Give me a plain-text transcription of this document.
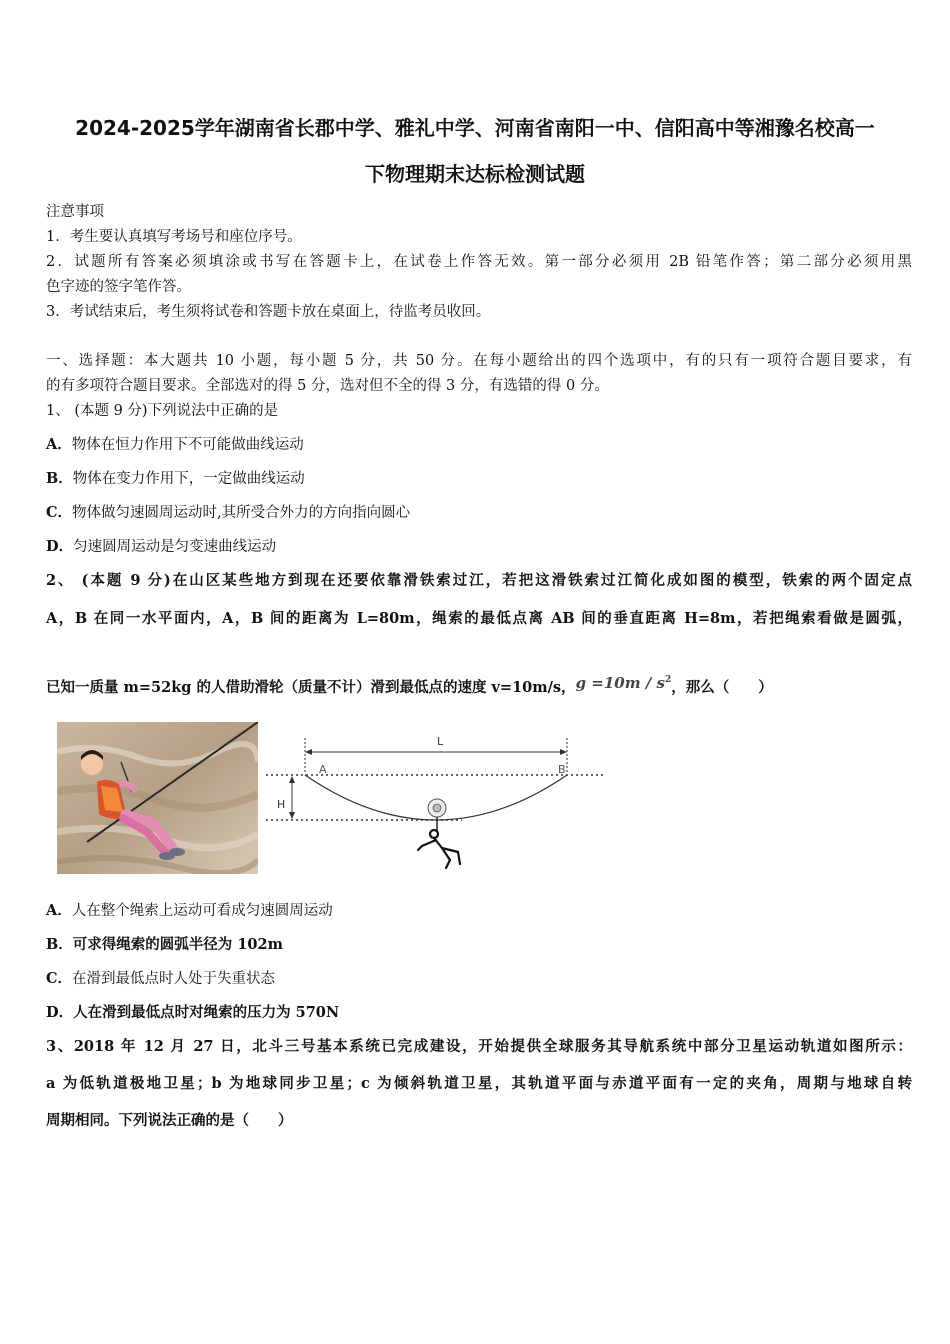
2024-2025学年湖南省长郡中学、雅礼中学、河南省南阳一中、信阳高中等湘豫名校高一
下物理期末达标检测试题
注意事项
1．考生要认真填写考场号和座位序号。
2．试题所有答案必须填涂或书写在答题卡上，在试卷上作答无效。第一部分必须用 2B 铅笔作答；第二部分必须用黑
色字迹的签字笔作答。
3．考试结束后，考生须将试卷和答题卡放在桌面上，待监考员收回。
一、选择题：本大题共 10 小题，每小题 5 分，共 50 分。在每小题给出的四个选项中，有的只有一项符合题目要求，有
的有多项符合题目要求。全部选对的得 5 分，选对但不全的得 3 分，有选错的得 0 分。
1、 (本题 9 分)下列说法中正确的是
A．物体在恒力作用下不可能做曲线运动
B．物体在变力作用下，一定做曲线运动
C．物体做匀速圆周运动时,其所受合外力的方向指向圆心
D．匀速圆周运动是匀变速曲线运动
2、 (本题 9 分)在山区某些地方到现在还要依靠滑铁索过江，若把这滑铁索过江简化成如图的模型，铁索的两个固定点
A，B 在同一水平面内，A，B 间的距离为 L=80m，绳索的最低点离 AB 间的垂直距离 H=8m，若把绳索看做是圆弧，
已知一质量 m=52kg 的人借助滑轮（质量不计）滑到最低点的速度 v=10m/s，$g =10m / s^2$，那么（　　）
L
A	B
H
A．人在整个绳索上运动可看成匀速圆周运动
B．可求得绳索的圆弧半径为 102m
C．在滑到最低点时人处于失重状态
D．人在滑到最低点时对绳索的压力为 570N
3、2018 年 12 月 27 日，北斗三号基本系统已完成建设，开始提供全球服务其导航系统中部分卫星运动轨道如图所示：
a 为低轨道极地卫星；b 为地球同步卫星；c 为倾斜轨道卫星，其轨道平面与赤道平面有一定的夹角，周期与地球自转
周期相同。下列说法正确的是（　　）
